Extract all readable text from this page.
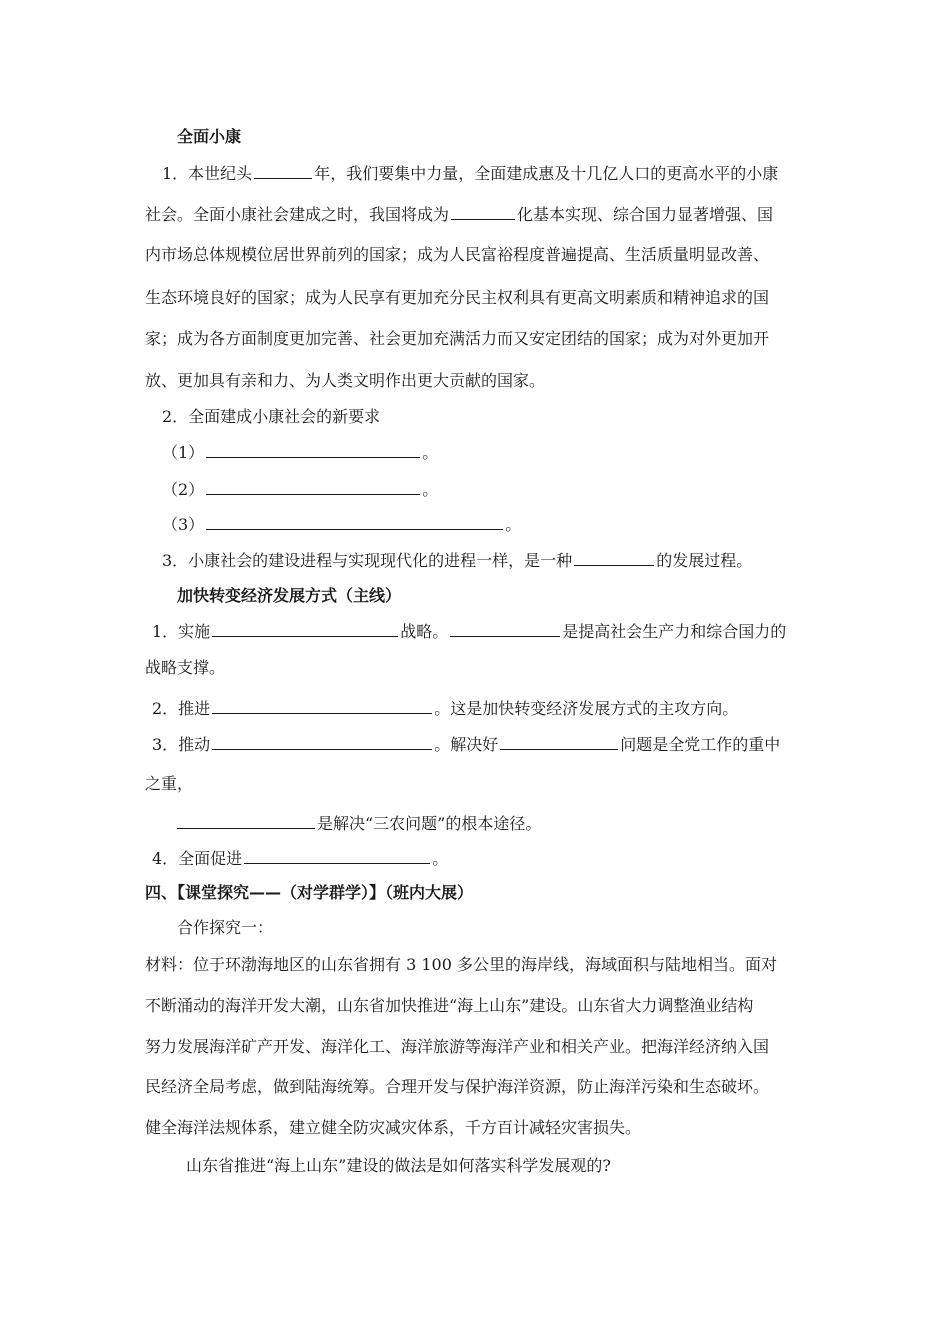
全面小康
1．本世纪头	年，我们要集中力量，全面建成惠及十几亿人口的更高水平的小康
社会。全面小康社会建成之时，我国将成为	化基本实现、综合国力显著增强、国
内市场总体规模位居世界前列的国家；成为人民富裕程度普遍提高、生活质量明显改善、
生态环境良好的国家；成为人民享有更加充分民主权利具有更高文明素质和精神追求的国
家；成为各方面制度更加完善、社会更加充满活力而又安定团结的国家；成为对外更加开
放、更加具有亲和力、为人类文明作出更大贡献的国家。
2．全面建成小康社会的新要求
（1）	。
（2）	。
（3）	。
3．小康社会的建设进程与实现现代化的进程一样，是一种	的发展过程。
加快转变经济发展方式（主线）
1．实施	战略。	是提高社会生产力和综合国力的
战略支撑。
2．推进	。这是加快转变经济发展方式的主攻方向。
3．推动	。解决好	问题是全党工作的重中
之重，
是解决“三农问题”的根本途径。
4．全面促进	。
四、【课堂探究——（对学群学）】（班内大展）
合作探究一：
材料：位于环渤海地区的山东省拥有 3 100 多公里的海岸线，海域面积与陆地相当。面对
不断涌动的海洋开发大潮，山东省加快推进“海上山东”建设。山东省大力调整渔业结构
努力发展海洋矿产开发、海洋化工、海洋旅游等海洋产业和相关产业。把海洋经济纳入国
民经济全局考虑，做到陆海统筹。合理开发与保护海洋资源，防止海洋污染和生态破坏。
健全海洋法规体系，建立健全防灾减灾体系，千方百计减轻灾害损失。
山东省推进“海上山东”建设的做法是如何落实科学发展观的?
